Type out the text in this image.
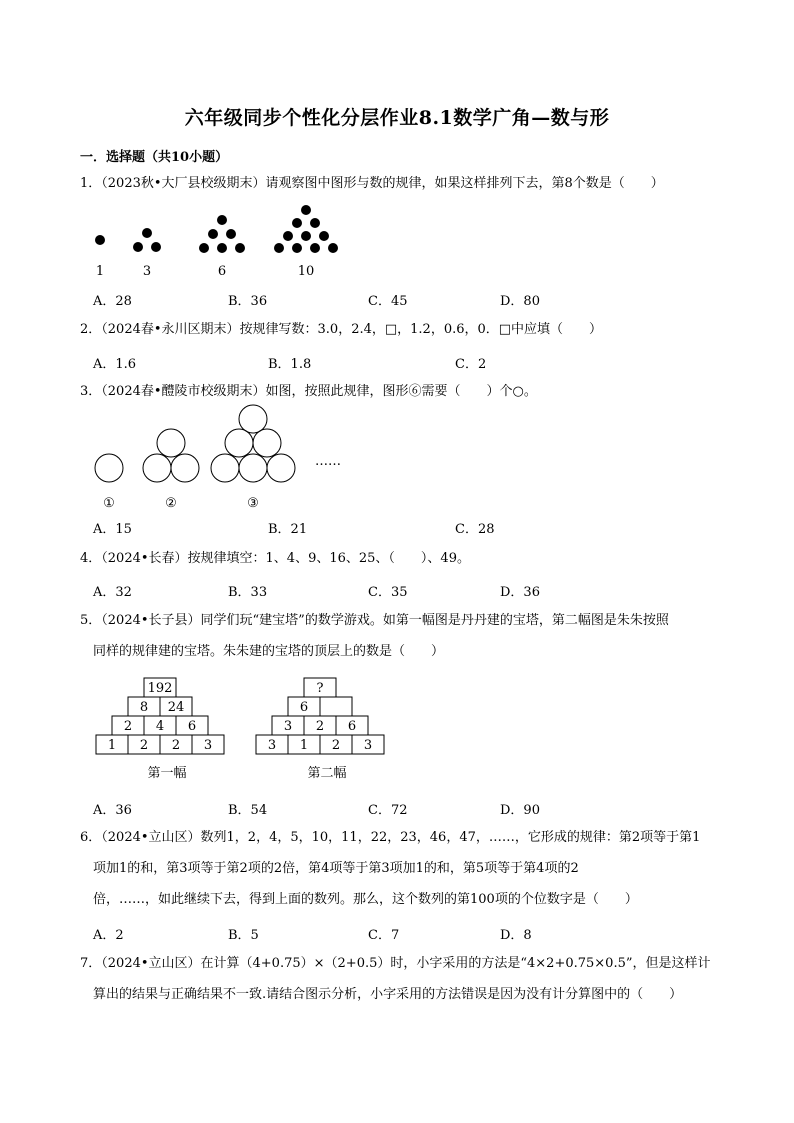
六年级同步个性化分层作业8.1数学广角—数与形
一．选择题（共10小题）
1．（2023秋•大厂县校级期末）请观察图中图形与数的规律，如果这样排列下去，第8个数是（　　）
1	3	6	10
A．28	B．36	C．45	D．80
2．（2024春•永川区期末）按规律写数：3.0，2.4，□，1.2，0.6，0．□中应填（　　）
A．1.6	B．1.8	C．2
3．（2024春•醴陵市校级期末）如图，按照此规律，图形⑥需要（　　）个○。
……
①	②	③
A．15	B．21	C．28
4．（2024•长春）按规律填空：1、4、9、16、25、（　　）、49。
A．32	B．33	C．35	D．36
5．（2024•长子县）同学们玩“建宝塔”的数学游戏。如第一幅图是丹丹建的宝塔，第二幅图是朱朱按照
同样的规律建的宝塔。朱朱建的宝塔的顶层上的数是（　　）
192
8 24
2 4 6
1 2 2 3
?
6
3 2 6
3 1 2 3
第一幅	第二幅
A．36	B．54	C．72	D．90
6．（2024•立山区）数列1，2，4，5，10，11，22，23，46，47，……，它形成的规律：第2项等于第1
项加1的和，第3项等于第2项的2倍，第4项等于第3项加1的和，第5项等于第4项的2
倍，……，如此继续下去，得到上面的数列。那么，这个数列的第100项的个位数字是（　　）
A．2	B．5	C．7	D．8
7．（2024•立山区）在计算（4+0.75）×（2+0.5）时，小字采用的方法是“4×2+0.75×0.5”，但是这样计
算出的结果与正确结果不一致.请结合图示分析，小字采用的方法错误是因为没有计分算图中的（　　）
